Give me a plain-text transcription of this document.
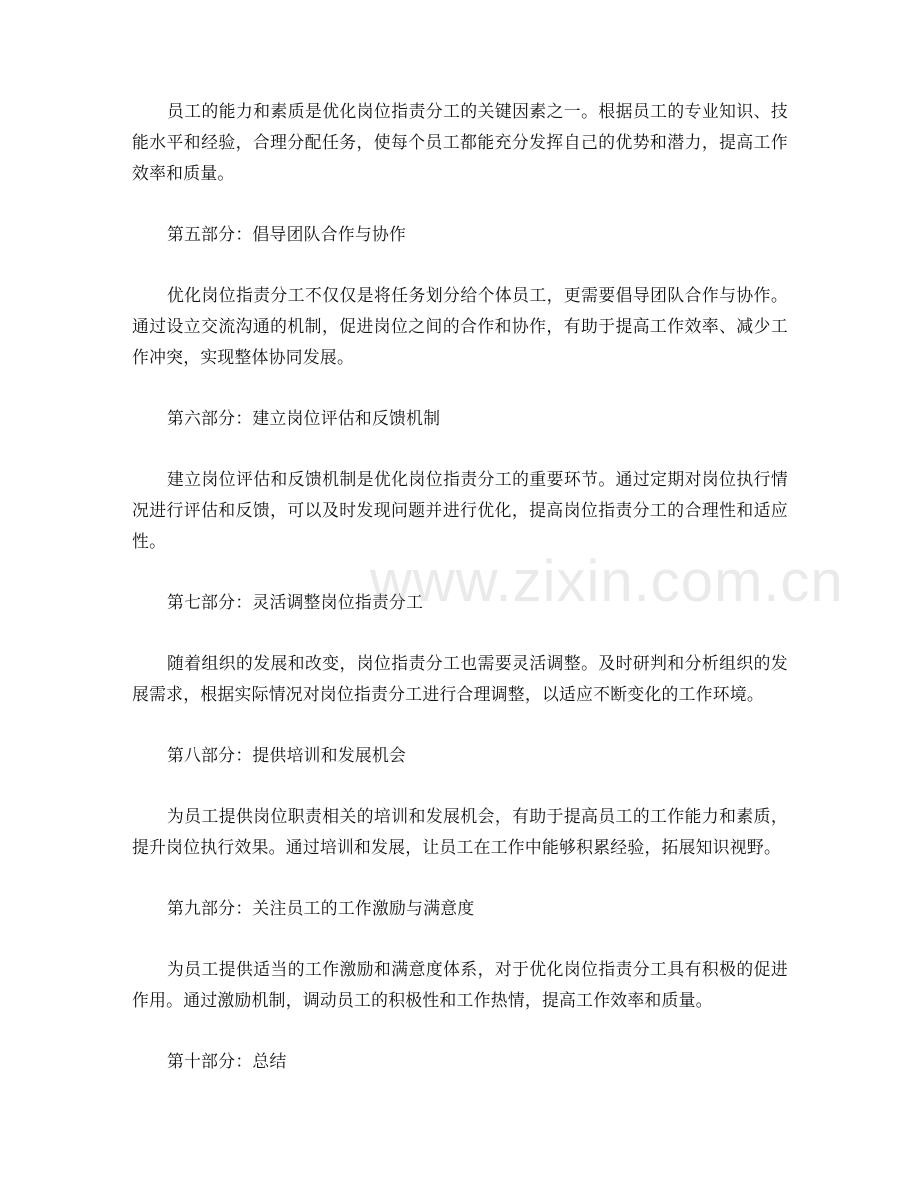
员工的能力和素质是优化岗位指责分工的关键因素之一。根据员工的专业知识、技能水平和经验，合理分配任务，使每个员工都能充分发挥自己的优势和潜力，提高工作效率和质量。

第五部分：倡导团队合作与协作

优化岗位指责分工不仅仅是将任务划分给个体员工，更需要倡导团队合作与协作。通过设立交流沟通的机制，促进岗位之间的合作和协作，有助于提高工作效率、减少工作冲突，实现整体协同发展。

第六部分：建立岗位评估和反馈机制

建立岗位评估和反馈机制是优化岗位指责分工的重要环节。通过定期对岗位执行情况进行评估和反馈，可以及时发现问题并进行优化，提高岗位指责分工的合理性和适应性。

第七部分：灵活调整岗位指责分工

随着组织的发展和改变，岗位指责分工也需要灵活调整。及时研判和分析组织的发展需求，根据实际情况对岗位指责分工进行合理调整，以适应不断变化的工作环境。

第八部分：提供培训和发展机会

为员工提供岗位职责相关的培训和发展机会，有助于提高员工的工作能力和素质，提升岗位执行效果。通过培训和发展，让员工在工作中能够积累经验，拓展知识视野。

第九部分：关注员工的工作激励与满意度

为员工提供适当的工作激励和满意度体系，对于优化岗位指责分工具有积极的促进作用。通过激励机制，调动员工的积极性和工作热情，提高工作效率和质量。

第十部分：总结

www.zixin.com.cn
